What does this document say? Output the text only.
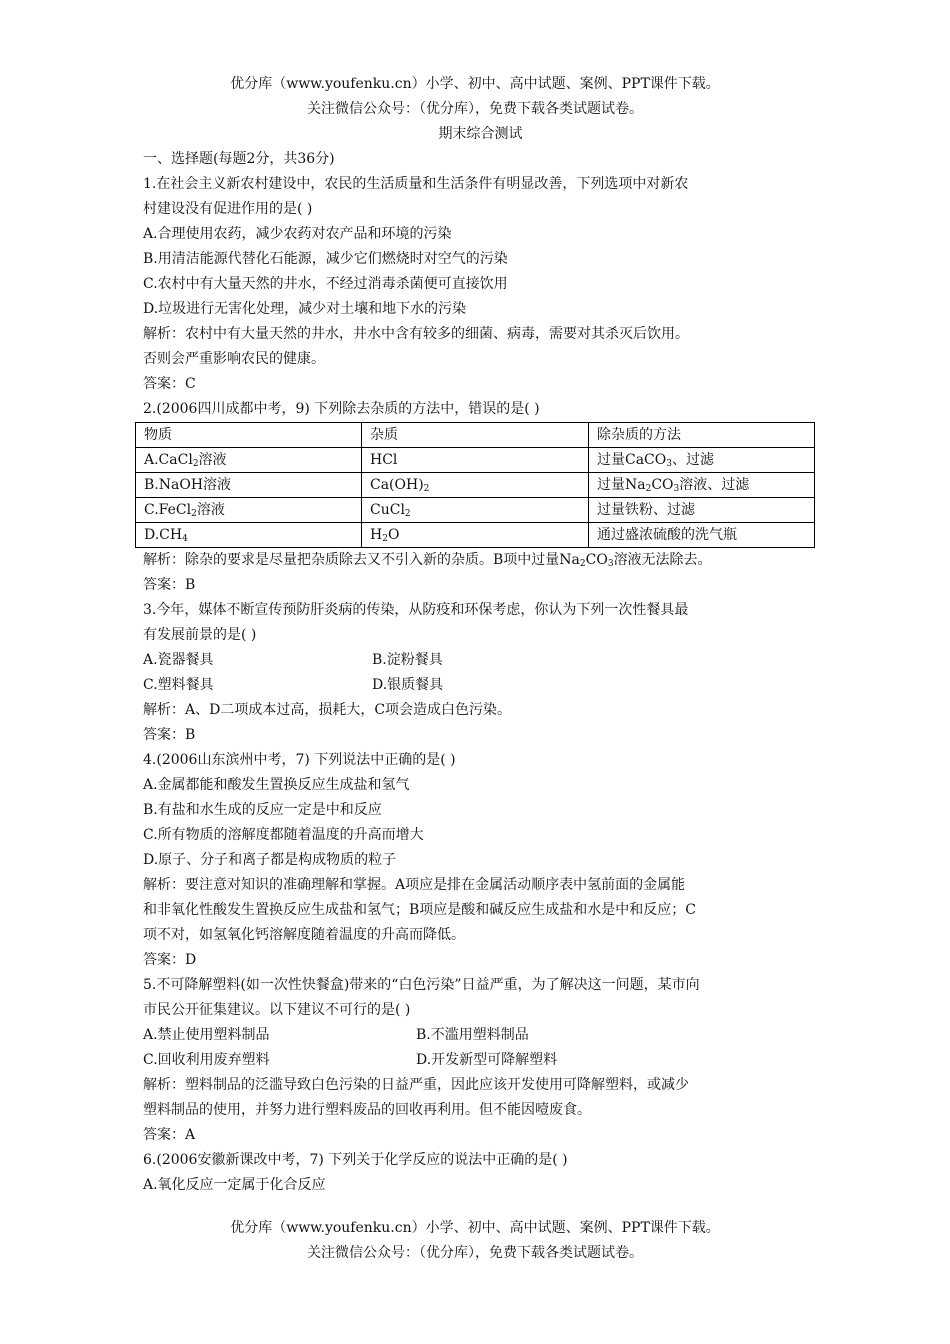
优分库（www.youfenku.cn）小学、初中、高中试题、案例、PPT课件下载。
关注微信公众号：（优分库），免费下载各类试题试卷。
期末综合测试
一、选择题(每题2分，共36分)
1.在社会主义新农村建设中，农民的生活质量和生活条件有明显改善，下列选项中对新农
村建设没有促进作用的是( )
A.合理使用农药，减少农药对农产品和环境的污染
B.用清洁能源代替化石能源，减少它们燃烧时对空气的污染
C.农村中有大量天然的井水，不经过消毒杀菌便可直接饮用
D.垃圾进行无害化处理，减少对土壤和地下水的污染
解析：农村中有大量天然的井水，井水中含有较多的细菌、病毒，需要对其杀灭后饮用。
否则会严重影响农民的健康。
答案：C
2.(2006四川成都中考，9) 下列除去杂质的方法中，错误的是( )
物质	杂质	除杂质的方法
A.CaCl$_2$溶液	HCl	过量CaCO$_3$、过滤
B.NaOH溶液	$Ca(OH)_2$	过量$Na_2CO_3$溶液、过滤
C.FeCl$_2$溶液	CuCl$_2$	过量铁粉、过滤
$D.CH_4$	$H_2O$	通过盛浓硫酸的洗气瓶
解析：除杂的要求是尽量把杂质除去又不引入新的杂质。B项中过量$Na_2CO_3$溶液无法除去。
答案：B
3.今年，媒体不断宣传预防肝炎病的传染，从防疫和环保考虑，你认为下列一次性餐具最
有发展前景的是( )
A.瓷器餐具	B.淀粉餐具
C.塑料餐具	D.银质餐具
解析：A、D二项成本过高，损耗大，C项会造成白色污染。
答案：B
4.(2006山东滨州中考，7) 下列说法中正确的是( )
A.金属都能和酸发生置换反应生成盐和氢气
B.有盐和水生成的反应一定是中和反应
C.所有物质的溶解度都随着温度的升高而增大
D.原子、分子和离子都是构成物质的粒子
解析：要注意对知识的准确理解和掌握。A项应是排在金属活动顺序表中氢前面的金属能
和非氧化性酸发生置换反应生成盐和氢气；B项应是酸和碱反应生成盐和水是中和反应；C
项不对，如氢氧化钙溶解度随着温度的升高而降低。
答案：D
5.不可降解塑料(如一次性快餐盒)带来的“白色污染”日益严重，为了解决这一问题，某市向
市民公开征集建议。以下建议不可行的是( )
A.禁止使用塑料制品	B.不滥用塑料制品
C.回收利用废弃塑料	D.开发新型可降解塑料
解析：塑料制品的泛滥导致白色污染的日益严重，因此应该开发使用可降解塑料，或减少
塑料制品的使用，并努力进行塑料废品的回收再利用。但不能因噎废食。
答案：A
6.(2006安徽新课改中考，7) 下列关于化学反应的说法中正确的是( )
A.氧化反应一定属于化合反应
优分库（www.youfenku.cn）小学、初中、高中试题、案例、PPT课件下载。
关注微信公众号：（优分库），免费下载各类试题试卷。
